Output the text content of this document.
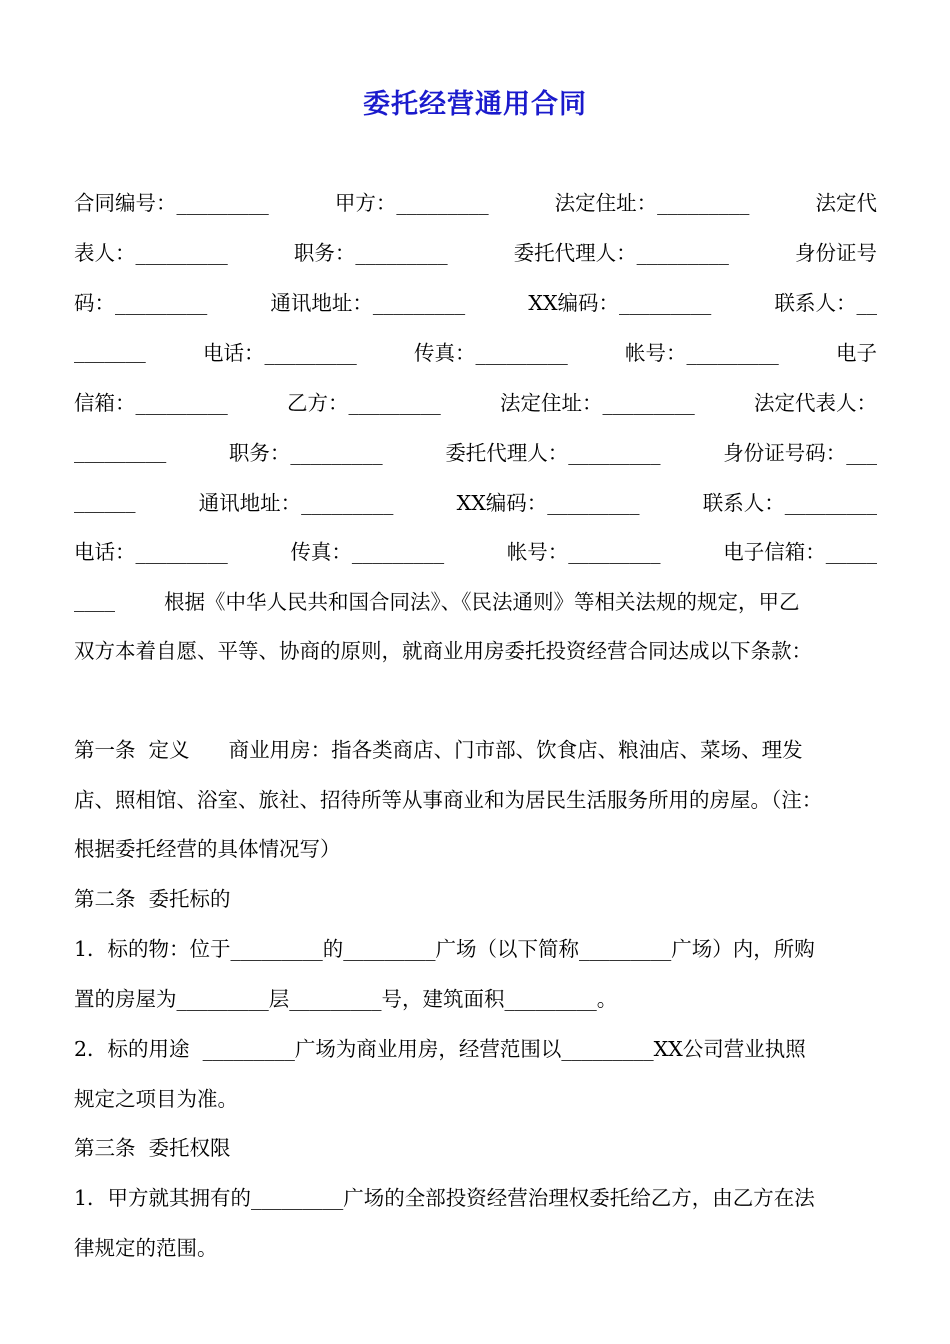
委托经营通用合同
合同编号：_________	甲方：_________	法定住址：_________	法定代
表人：_________	职务：_________	委托代理人：_________	身份证号
码：_________	通讯地址：_________	XX编码：_________	联系人：__
_______	电话：_________	传真：_________	帐号：_________	电子
信箱：_________	乙方：_________	法定住址：_________	法定代表人：
_________	职务：_________	委托代理人：_________	身份证号码：___
______	通讯地址：_________	XX编码：_________	联系人：_________
电话：_________	传真：_________	帐号：_________	电子信箱：_____
____	根据《中华人民共和国合同法》、《民法通则》等相关法规的规定，甲乙
双方本着自愿、平等、协商的原则，就商业用房委托投资经营合同达成以下条款：
第一条  定义      商业用房：指各类商店、门市部、饮食店、粮油店、菜场、理发
店、照相馆、浴室、旅社、招待所等从事商业和为居民生活服务所用的房屋。（注：
根据委托经营的具体情况写）
第二条  委托标的
1．标的物：位于_________的_________广场（以下简称_________广场）内，所购
置的房屋为_________层_________号，建筑面积_________。
2．标的用途  _________广场为商业用房，经营范围以_________XX公司营业执照
规定之项目为准。
第三条  委托权限
1．甲方就其拥有的_________广场的全部投资经营治理权委托给乙方，由乙方在法
律规定的范围。
